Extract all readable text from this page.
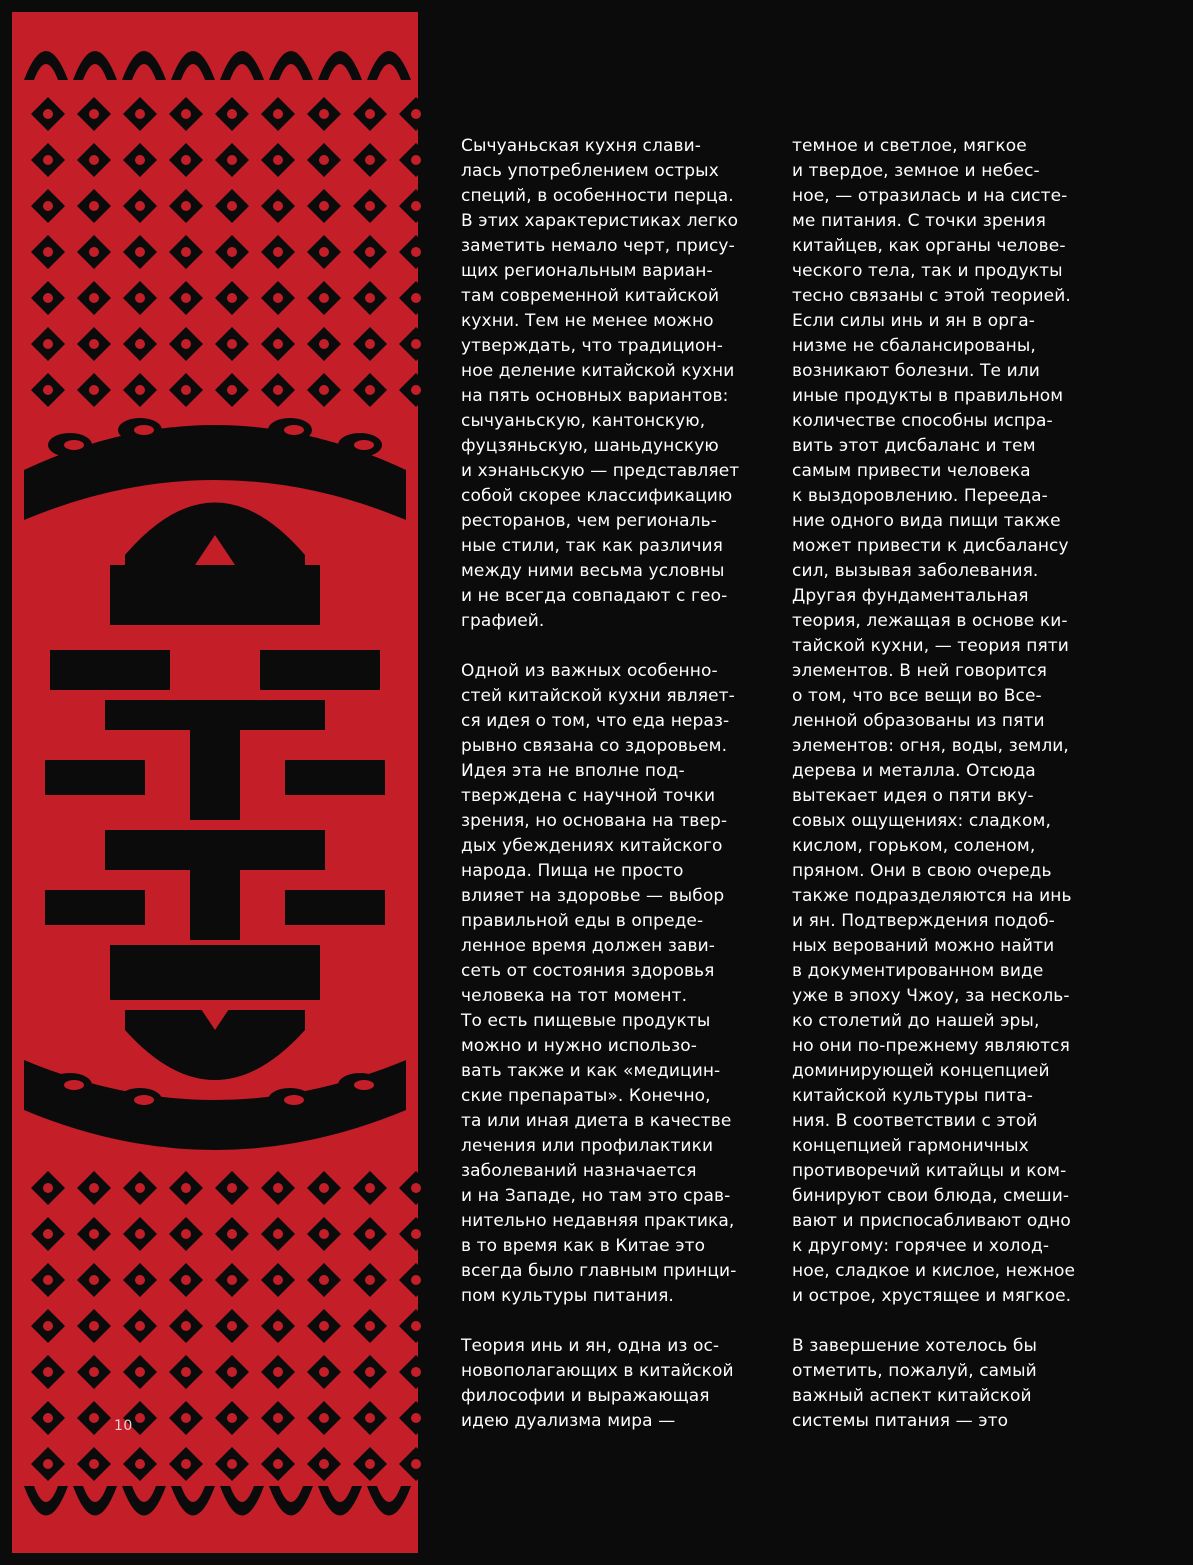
Сычуаньская кухня слави-
лась употреблением острых
специй, в особенности перца.
В этих характеристиках легко
заметить немало черт, прису-
щих региональным вариан-
там современной китайской
кухни. Тем не менее можно
утверждать, что традицион-
ное деление китайской кухни
на пять основных вариантов:
сычуаньскую, кантонскую,
фуцзяньскую, шаньдунскую
и хэнаньскую — представляет
собой скорее классификацию
ресторанов, чем региональ-
ные стили, так как различия
между ними весьма условны
и не всегда совпадают с гео-
графией.
Одной из важных особенно-
стей китайской кухни являет-
ся идея о том, что еда нераз-
рывно связана со здоровьем.
Идея эта не вполне под-
тверждена с научной точки
зрения, но основана на твер-
дых убеждениях китайского
народа. Пища не просто
влияет на здоровье — выбор
правильной еды в опреде-
ленное время должен зави-
сеть от состояния здоровья
человека на тот момент.
То есть пищевые продукты
можно и нужно использо-
вать также и как «медицин-
ские препараты». Конечно,
та или иная диета в качестве
лечения или профилактики
заболеваний назначается
и на Западе, но там это срав-
нительно недавняя практика,
в то время как в Китае это
всегда было главным принци-
пом культуры питания.
Теория инь и ян, одна из ос-
новополагающих в китайской
философии и выражающая
идею дуализма мира —
темное и светлое, мягкое
и твердое, земное и небес-
ное, — отразилась и на систе-
ме питания. С точки зрения
китайцев, как органы челове-
ческого тела, так и продукты
тесно связаны с этой теорией.
Если силы инь и ян в орга-
низме не сбалансированы,
возникают болезни. Те или
иные продукты в правильном
количестве способны испра-
вить этот дисбаланс и тем
самым привести человека
к выздоровлению. Переeда-
ние одного вида пищи также
может привести к дисбалансу
сил, вызывая заболевания.
Другая фундаментальная
теория, лежащая в основе ки-
тайской кухни, — теория пяти
элементов. В ней говорится
о том, что все вещи во Все-
ленной образованы из пяти
элементов: огня, воды, земли,
дерева и металла. Отсюда
вытекает идея о пяти вку-
совых ощущениях: сладком,
кислом, горьком, соленом,
пряном. Они в свою очередь
также подразделяются на инь
и ян. Подтверждения подоб-
ных верований можно найти
в документированном виде
уже в эпоху Чжоу, за несколь-
ко столетий до нашей эры,
но они по-прежнему являются
доминирующей концепцией
китайской культуры пита-
ния. В соответствии с этой
концепцией гармоничных
противоречий китайцы и ком-
бинируют свои блюда, смеши-
вают и приспосабливают одно
к другому: горячее и холод-
ное, сладкое и кислое, нежное
и острое, хрустящее и мягкое.
В завершение хотелось бы
отметить, пожалуй, самый
важный аспект китайской
системы питания — это
10
